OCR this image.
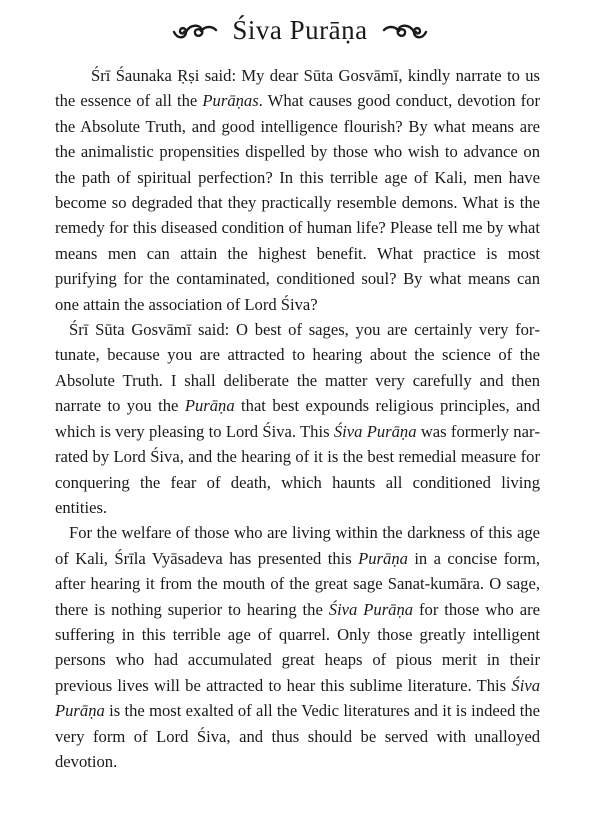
Śiva Purāṇa

Śrī Śaunaka Ṛṣi said: My dear Sūta Gosvāmī, kindly narrate to us the essence of all the Purāṇas. What causes good conduct, devotion for the Absolute Truth, and good intelligence flourish? By what means are the animalistic propensities dispelled by those who wish to advance on the path of spiritual perfection? In this terrible age of Kali, men have become so degraded that they practically resemble demons. What is the remedy for this diseased condition of human life? Please tell me by what means men can attain the highest benefit. What practice is most purifying for the contaminated, conditioned soul? By what means can one attain the association of Lord Śiva?

Śrī Sūta Gosvāmī said: O best of sages, you are certainly very fortunate, because you are attracted to hearing about the science of the Absolute Truth. I shall deliberate the matter very carefully and then narrate to you the Purāṇa that best expounds religious principles, and which is very pleasing to Lord Śiva. This Śiva Purāṇa was formerly narrated by Lord Śiva, and the hearing of it is the best remedial measure for conquering the fear of death, which haunts all conditioned living entities.

For the welfare of those who are living within the darkness of this age of Kali, Śrīla Vyāsadeva has presented this Purāṇa in a concise form, after hearing it from the mouth of the great sage Sanat-kumāra. O sage, there is nothing superior to hearing the Śiva Purāṇa for those who are suffering in this terrible age of quarrel. Only those greatly intelligent persons who had accumulated great heaps of pious merit in their previous lives will be attracted to hear this sublime literature. This Śiva Purāṇa is the most exalted of all the Vedic literatures and it is indeed the very form of Lord Śiva, and thus should be served with unalloyed devotion.
